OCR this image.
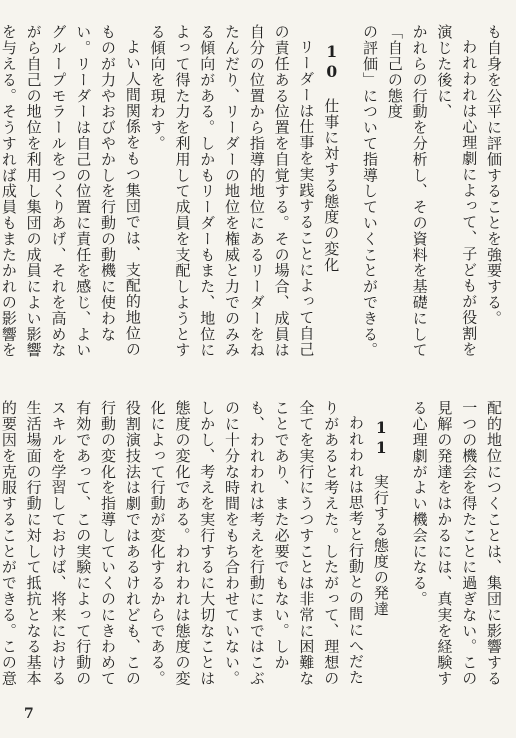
も自身を公平に評価することを強要する。

われわれは心理劇によって、子どもが役割を演じた後に、

かれらの行動を分析し、その資料を基礎にして「自己の態度

の評価」について指導していくことができる。

10　仕事に対する態度の変化

リーダーは仕事を実践することによって自己の責任ある位置を自覚する。その場合、成員は自分の位置から指導的地位にあるリーダーをねたんだり、リーダーの地位を権威と力でのみみる傾向がある。しかもリーダーもまた、地位によって得た力を利用して成員を支配しようとする傾向を現わす。

よい人間関係をもつ集団では、支配的地位のものが力やおびやかしを行動の動機に使わない。リーダーは自己の位置に責任を感じ、よいグループモラールをつくりあげ、それを高めながら自己の地位を利用し集団の成員によい影響を与える。そうすれば成員もまたかれの影響を

配的地位につくことは、集団に影響する一つの機会を得たことに過ぎない。この見解の発達をはかるには、真実を経験する心理劇がよい機会になる。

11　実行する態度の発達

われわれは思考と行動との間にへだたりがあると考えた。したがって、理想の全てを実行にうつすことは非常に困難なことであり、また必要でもない。しかも、われわれは考えを行動にまではこぶのに十分な時間をもち合わせていない。しかし、考えを実行するに大切なことは態度の変化である。われわれは態度の変化によって行動が変化するからである。役割演技法は劇ではあるけれども、この行動の変化を指導していくのにきわめて有効であって、この実験によって行動のスキルを学習しておけば、将来における生活場面の行動に対して抵抗となる基本的要因を克服することができる。この意

7
